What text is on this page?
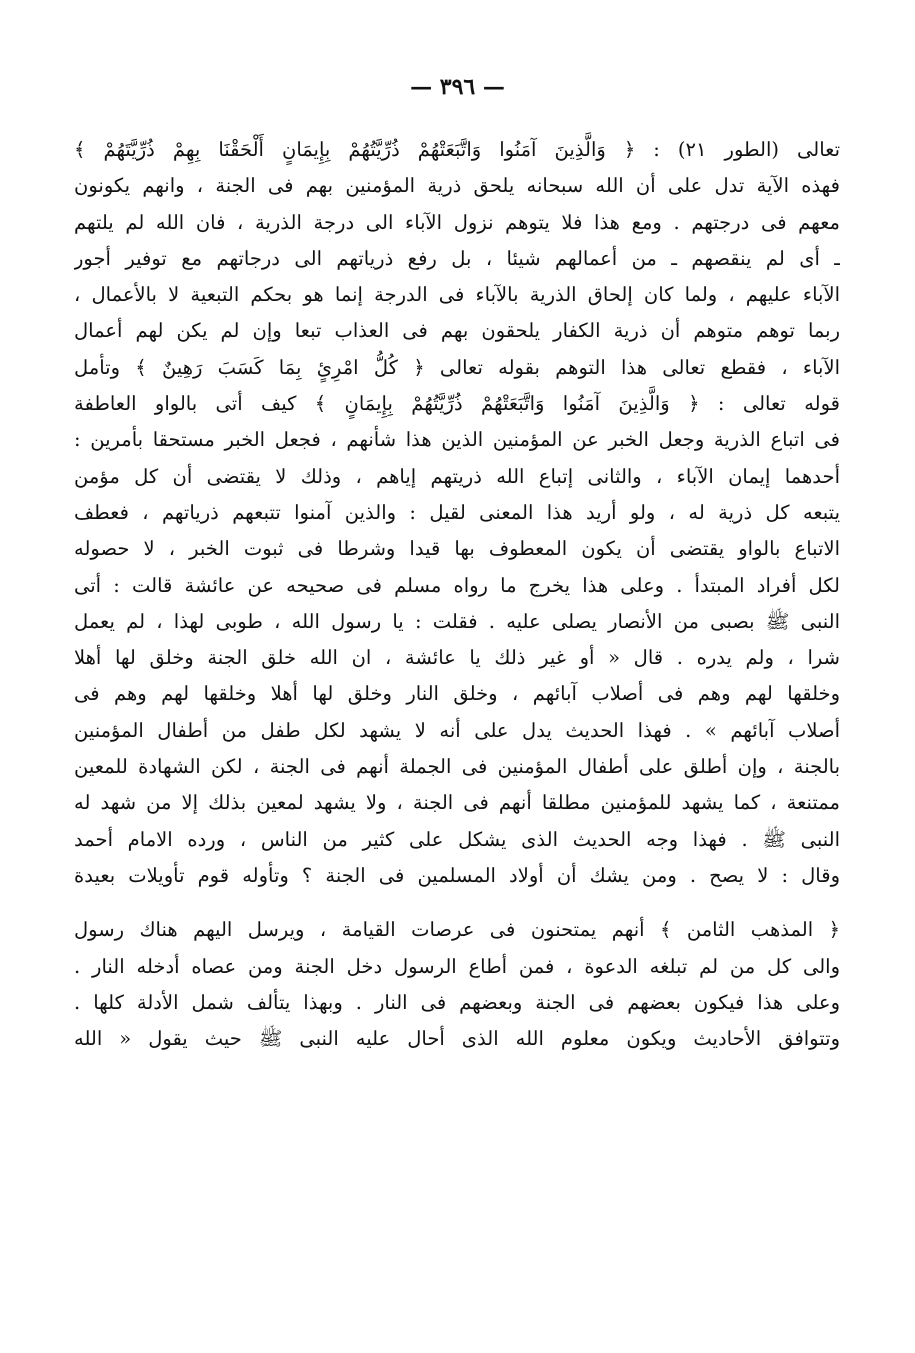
— ٣٩٦ —
تعالى (الطور ٢١) : ﴿ وَالَّذِينَ آمَنُوا وَاتَّبَعَتْهُمْ ذُرِّيَّتُهُمْ بِإِيمَانٍ أَلْحَقْنَا بِهِمْ ذُرِّيَّتَهُمْ ﴾
فهذه الآية تدل على أن الله سبحانه يلحق ذرية المؤمنين بهم فى الجنة ، وانهم يكونون
معهم فى درجتهم . ومع هذا فلا يتوهم نزول الآباء الى درجة الذرية ، فان الله لم يلتهم
ـ أى لم ينقصهم ـ من أعمالهم شيئا ، بل رفع ذرياتهم الى درجاتهم مع توفير أجور
الآباء عليهم ، ولما كان إلحاق الذرية بالآباء فى الدرجة إنما هو بحكم التبعية لا بالأعمال ،
ربما توهم متوهم أن ذرية الكفار يلحقون بهم فى العذاب تبعا وإن لم يكن لهم أعمال
الآباء ، فقطع تعالى هذا التوهم بقوله تعالى ﴿ كُلُّ امْرِئٍ بِمَا كَسَبَ رَهِينٌ ﴾ وتأمل
قوله تعالى : ﴿ وَالَّذِينَ آمَنُوا وَاتَّبَعَتْهُمْ ذُرِّيَّتُهُمْ بِإِيمَانٍ ﴾ كيف أتى بالواو العاطفة
فى اتباع الذرية وجعل الخبر عن المؤمنين الذين هذا شأنهم ، فجعل الخبر مستحقا بأمرين :
أحدهما إيمان الآباء ، والثانى إتباع الله ذريتهم إياهم ، وذلك لا يقتضى أن كل مؤمن
يتبعه كل ذرية له ، ولو أريد هذا المعنى لقيل : والذين آمنوا تتبعهم ذرياتهم ، فعطف
الاتباع بالواو يقتضى أن يكون المعطوف بها قيدا وشرطا فى ثبوت الخبر ، لا حصوله
لكل أفراد المبتدأ . وعلى هذا يخرج ما رواه مسلم فى صحيحه عن عائشة قالت : أتى
النبى ﷺ بصبى من الأنصار يصلى عليه . فقلت : يا رسول الله ، طوبى لهذا ، لم يعمل
شرا ، ولم يدره . قال « أو غير ذلك يا عائشة ، ان الله خلق الجنة وخلق لها أهلا
وخلقها لهم وهم فى أصلاب آبائهم ، وخلق النار وخلق لها أهلا وخلقها لهم وهم فى
أصلاب آبائهم » . فهذا الحديث يدل على أنه لا يشهد لكل طفل من أطفال المؤمنين
بالجنة ، وإن أطلق على أطفال المؤمنين فى الجملة أنهم فى الجنة ، لكن الشهادة للمعين
ممتنعة ، كما يشهد للمؤمنين مطلقا أنهم فى الجنة ، ولا يشهد لمعين بذلك إلا من شهد له
النبى ﷺ . فهذا وجه الحديث الذى يشكل على كثير من الناس ، ورده الامام أحمد
وقال : لا يصح . ومن يشك أن أولاد المسلمين فى الجنة ؟ وتأوله قوم تأويلات بعيدة
﴿ المذهب الثامن ﴾ أنهم يمتحنون فى عرصات القيامة ، ويرسل اليهم هناك رسول
والى كل من لم تبلغه الدعوة ، فمن أطاع الرسول دخل الجنة ومن عصاه أدخله النار .
وعلى هذا فيكون بعضهم فى الجنة وبعضهم فى النار . وبهذا يتألف شمل الأدلة كلها .
وتتوافق الأحاديث ويكون معلوم الله الذى أحال عليه النبى ﷺ حيث يقول « الله
